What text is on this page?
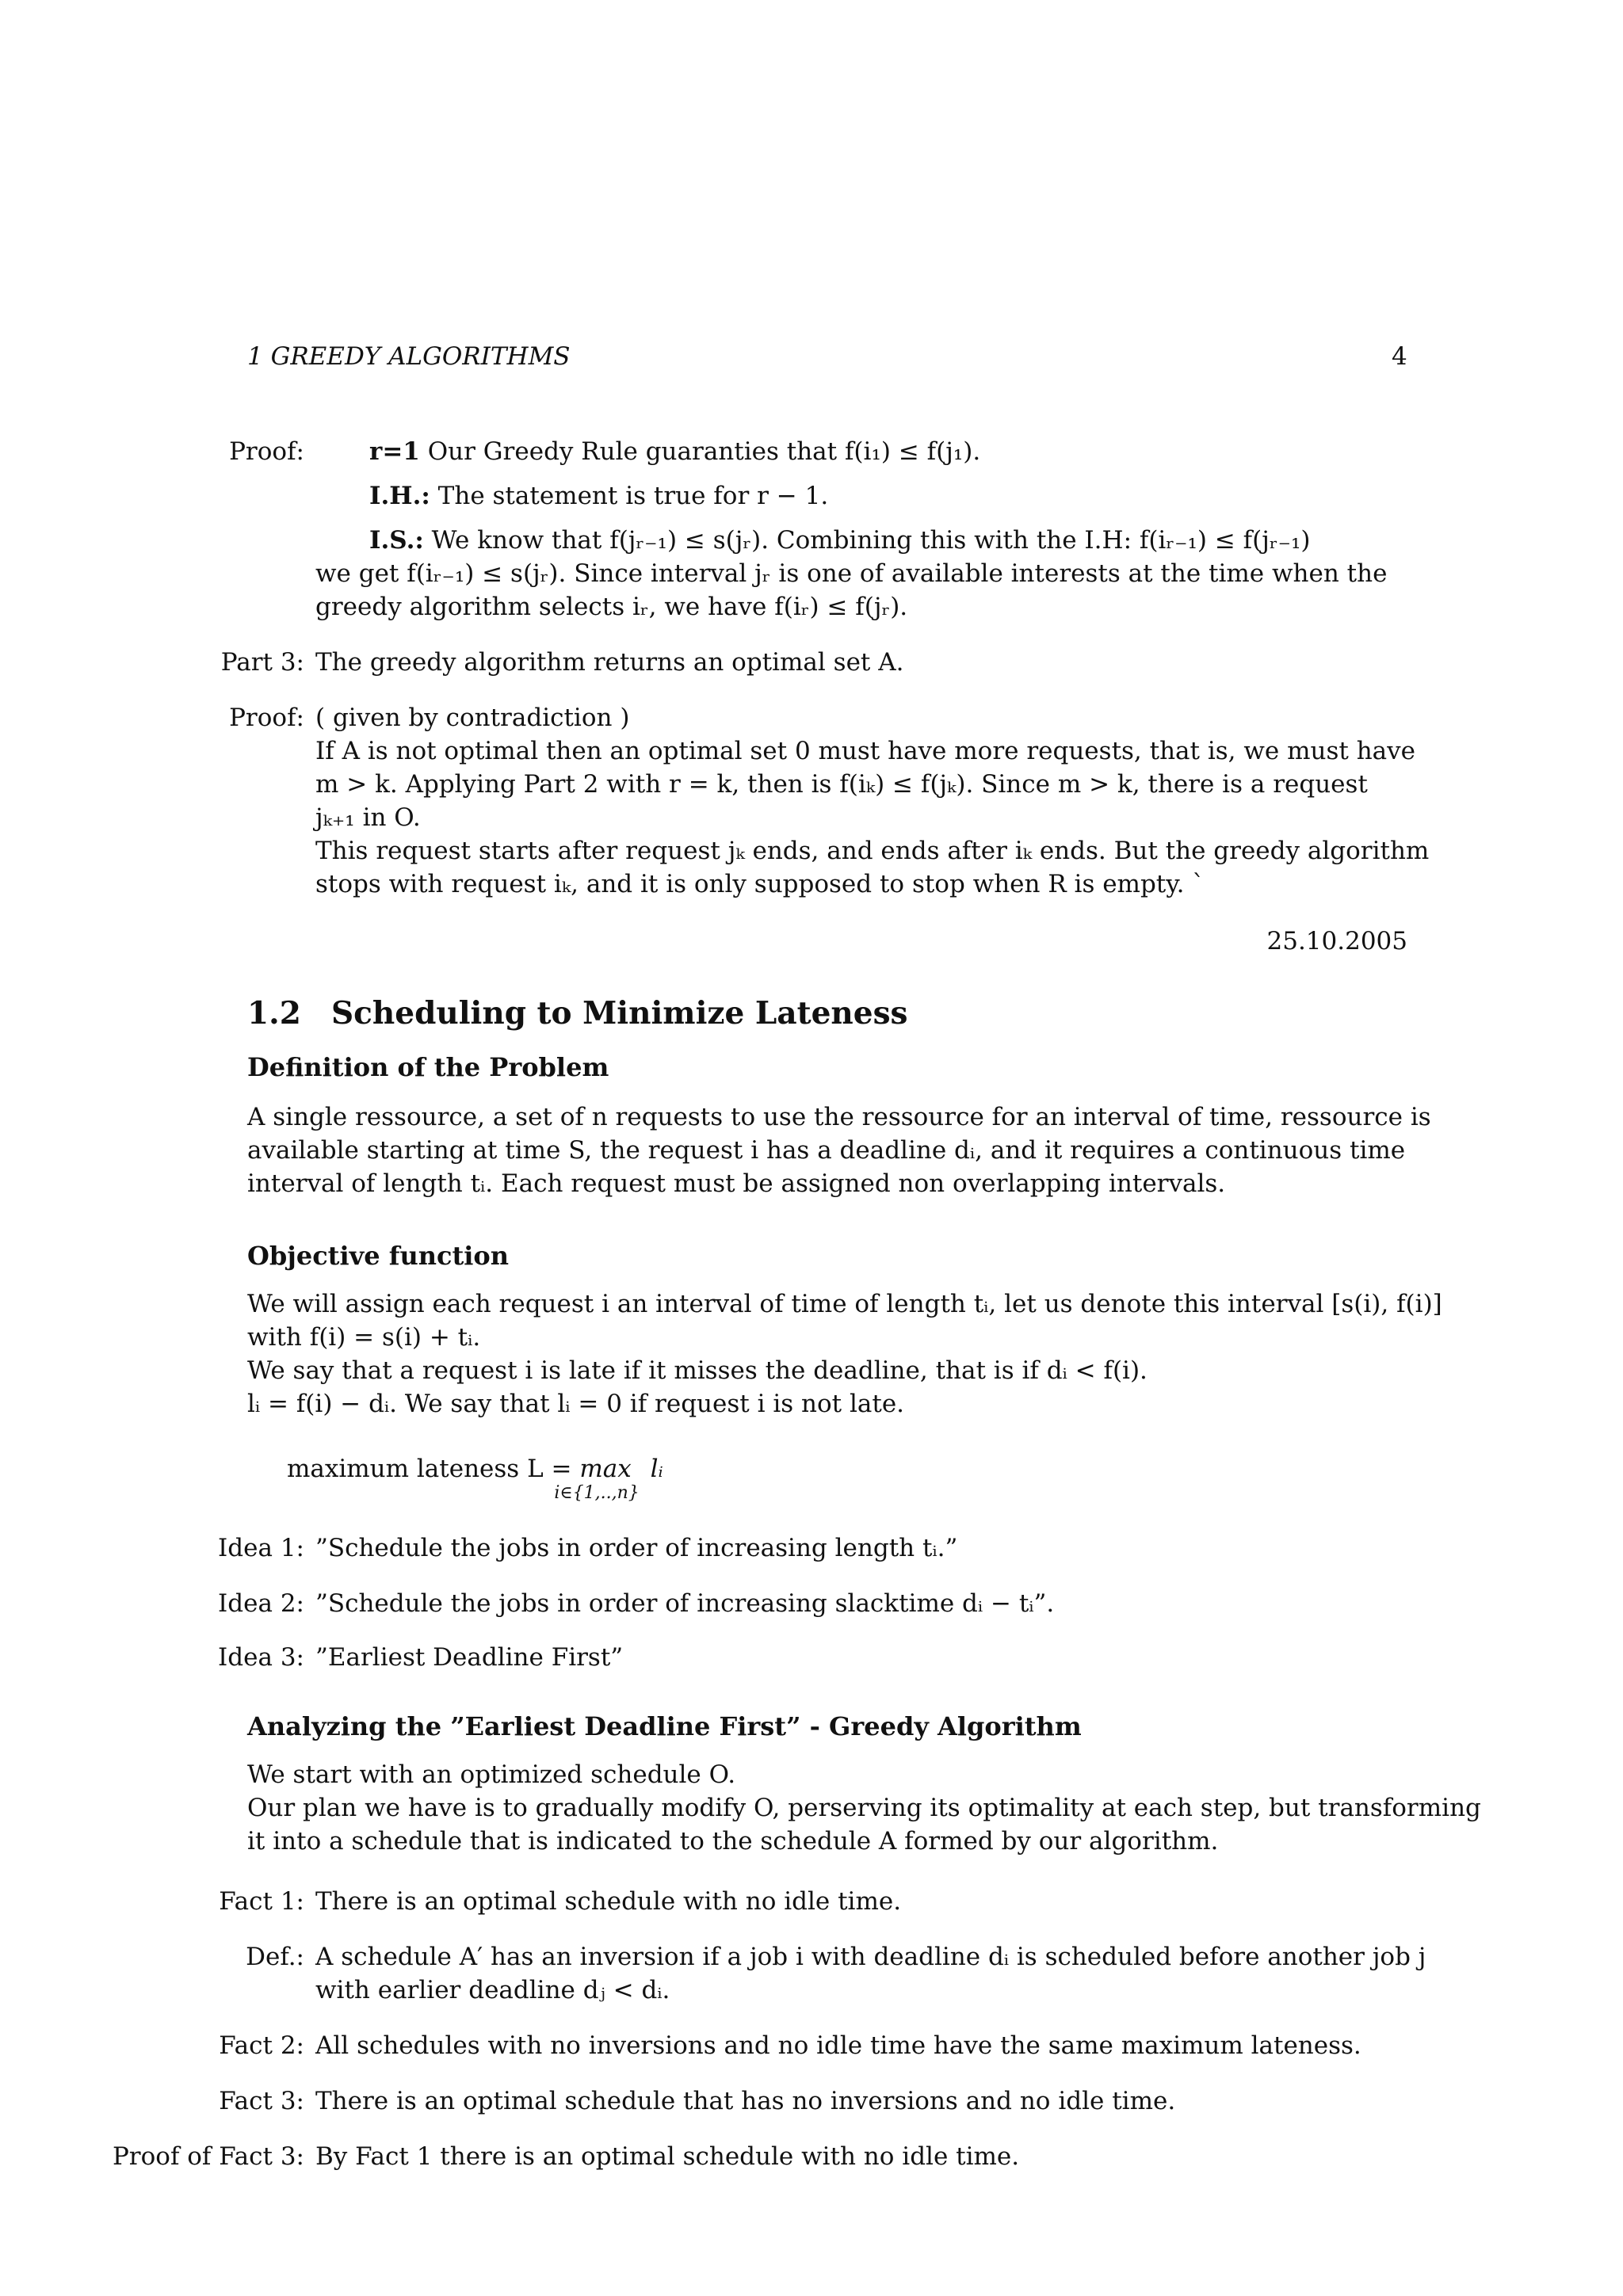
1 GREEDY ALGORITHMS	4
Proof:	r=1 Our Greedy Rule guaranties that f(i₁) ≤ f(j₁).
I.H.: The statement is true for r − 1.
I.S.: We know that f(jᵣ₋₁) ≤ s(jᵣ). Combining this with the I.H: f(iᵣ₋₁) ≤ f(jᵣ₋₁)
we get f(iᵣ₋₁) ≤ s(jᵣ). Since interval jᵣ is one of available interests at the time when the
greedy algorithm selects iᵣ, we have f(iᵣ) ≤ f(jᵣ).
Part 3: The greedy algorithm returns an optimal set A.
Proof: ( given by contradiction )
If A is not optimal then an optimal set 0 must have more requests, that is, we must have
m > k. Applying Part 2 with r = k, then is f(iₖ) ≤ f(jₖ). Since m > k, there is a request
jₖ₊₁ in O.
This request starts after request jₖ ends, and ends after iₖ ends. But the greedy algorithm
stops with request iₖ, and it is only supposed to stop when R is empty. `
25.10.2005
1.2 Scheduling to Minimize Lateness
Definition of the Problem
A single ressource, a set of n requests to use the ressource for an interval of time, ressource is
available starting at time S, the request i has a deadline dᵢ, and it requires a continuous time
interval of length tᵢ. Each request must be assigned non overlapping intervals.
Objective function
We will assign each request i an interval of time of length tᵢ, let us denote this interval [s(i), f(i)]
with f(i) = s(i) + tᵢ.
We say that a request i is late if it misses the deadline, that is if dᵢ < f(i).
lᵢ = f(i) − dᵢ. We say that lᵢ = 0 if request i is not late.
maximum lateness L = max
i∈{1,..,n}
lᵢ
Idea 1: ”Schedule the jobs in order of increasing length tᵢ.”
Idea 2: ”Schedule the jobs in order of increasing slacktime dᵢ − tᵢ”.
Idea 3: ”Earliest Deadline First”
Analyzing the ”Earliest Deadline First” - Greedy Algorithm
We start with an optimized schedule O.
Our plan we have is to gradually modify O, perserving its optimality at each step, but transforming
it into a schedule that is indicated to the schedule A formed by our algorithm.
Fact 1: There is an optimal schedule with no idle time.
Def.: A schedule A′ has an inversion if a job i with deadline dᵢ is scheduled before another job j
with earlier deadline dⱼ < dᵢ.
Fact 2: All schedules with no inversions and no idle time have the same maximum lateness.
Fact 3: There is an optimal schedule that has no inversions and no idle time.
Proof of Fact 3: By Fact 1 there is an optimal schedule with no idle time.
